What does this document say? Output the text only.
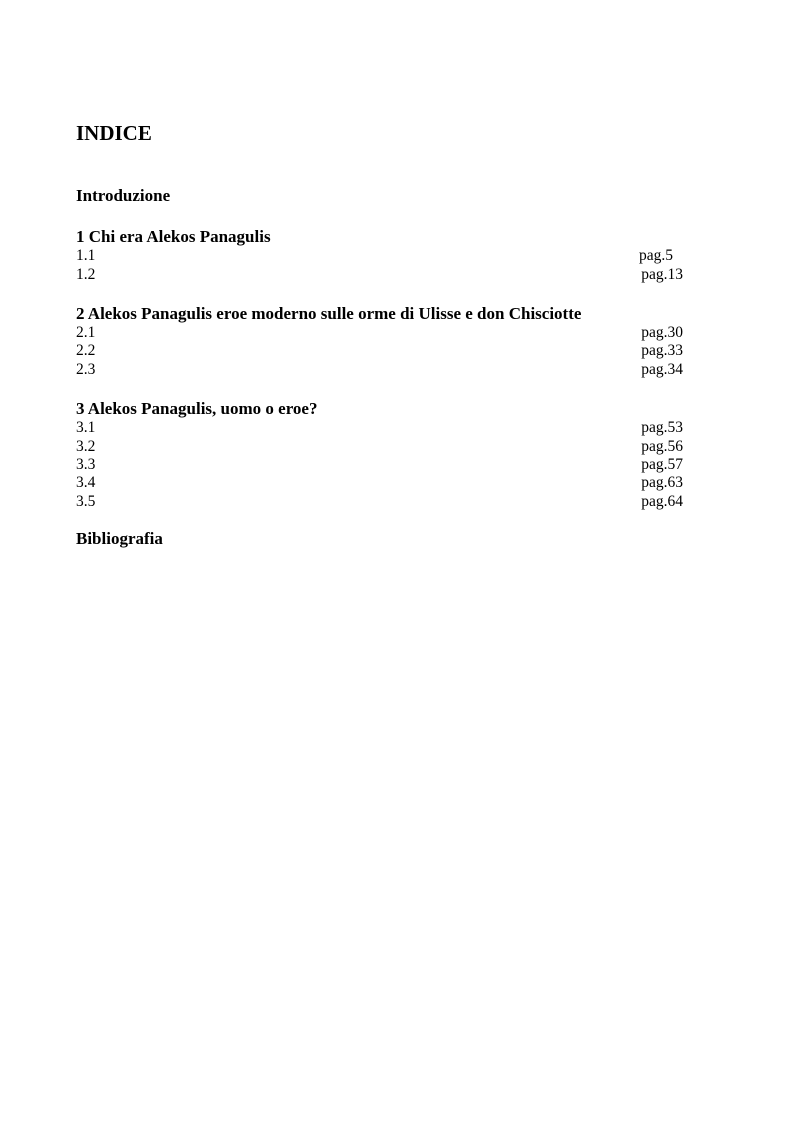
INDICE
Introduzione
1 Chi era Alekos Panagulis
1.1	pag.5
1.2	pag.13
2 Alekos Panagulis eroe moderno sulle orme di Ulisse e don Chisciotte
2.1	pag.30
2.2	pag.33
2.3	pag.34
3 Alekos Panagulis, uomo o eroe?
3.1	pag.53
3.2	pag.56
3.3	pag.57
3.4	pag.63
3.5	pag.64
Bibliografia
